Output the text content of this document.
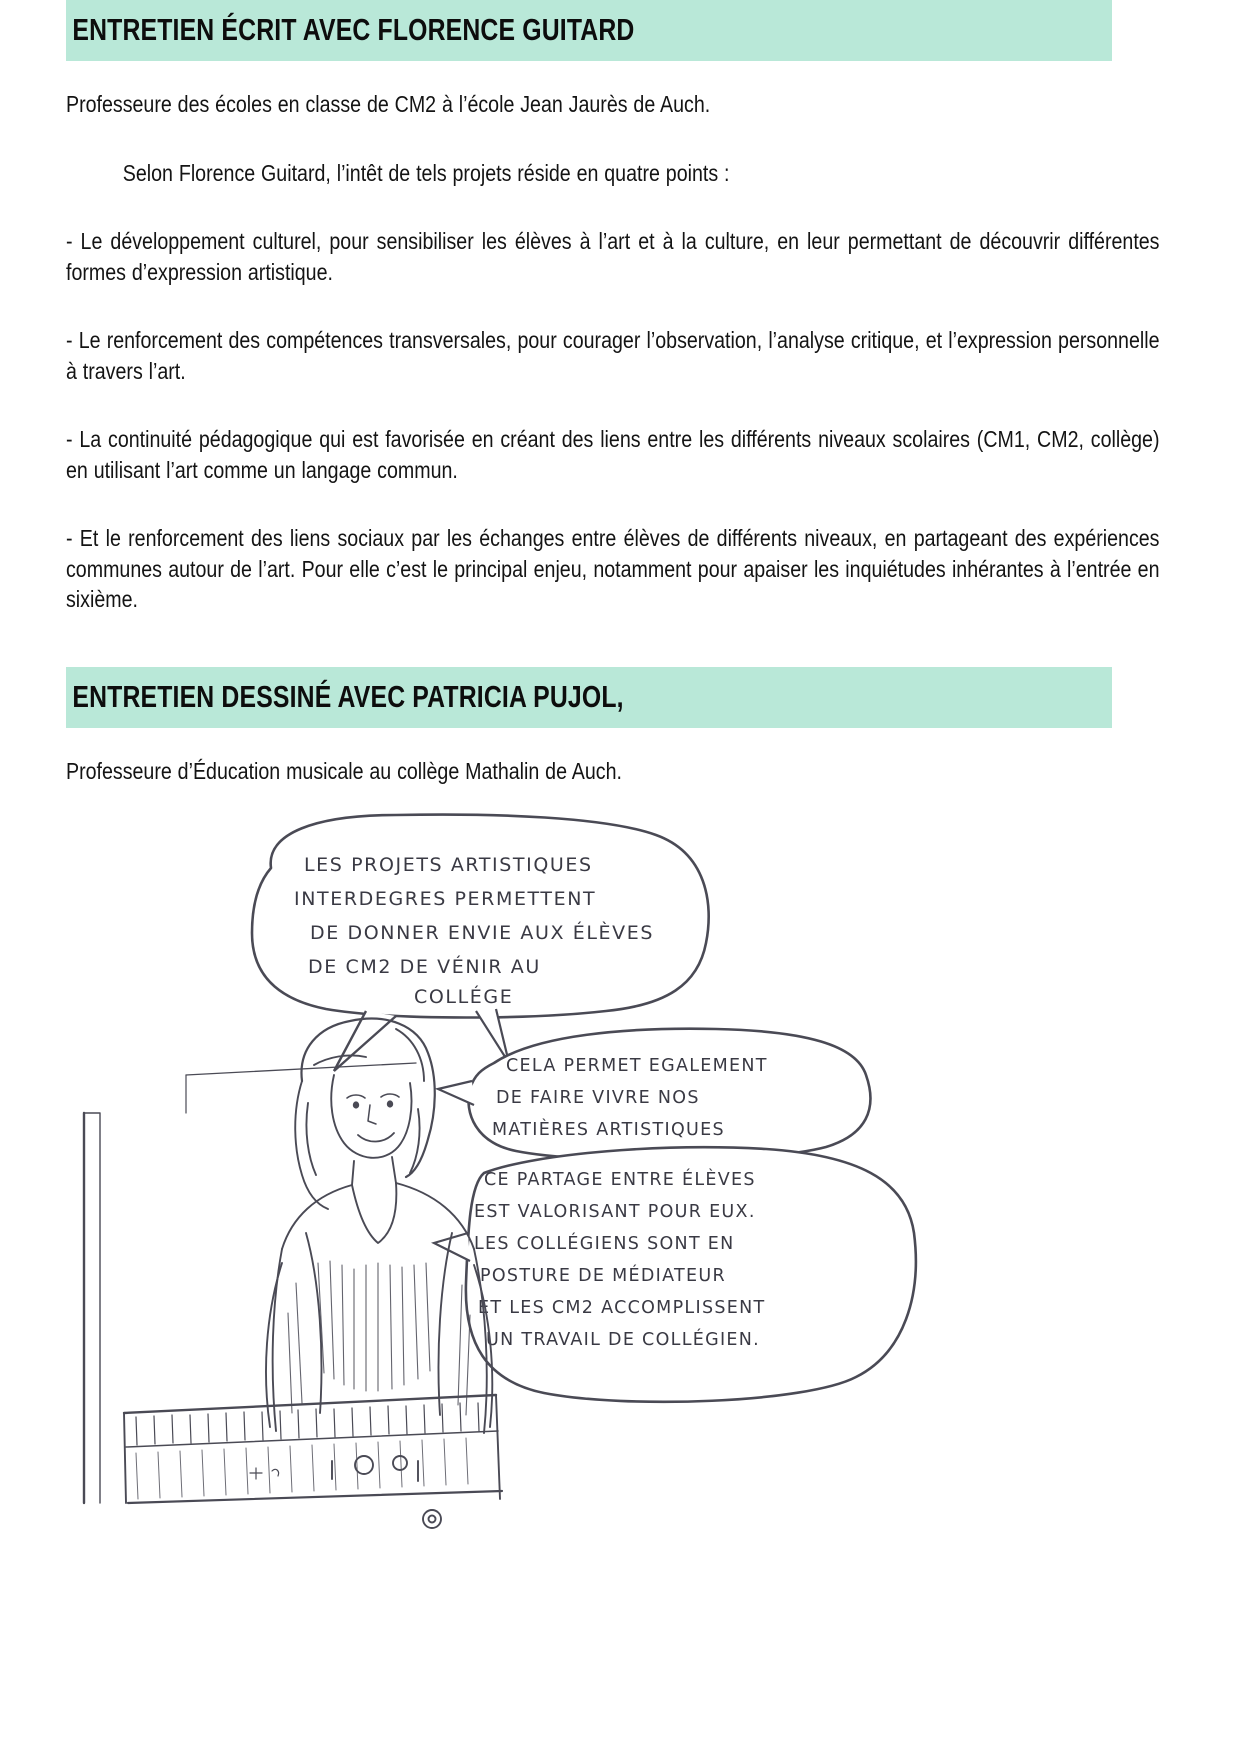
ENTRETIEN ÉCRIT AVEC FLORENCE GUITARD

Professeure des écoles en classe de CM2 à l’école Jean Jaurès de Auch.

Selon Florence Guitard, l’intêt de tels projets réside en quatre points :

- Le développement culturel, pour sensibiliser les élèves à l’art et à la culture, en leur permettant de découvrir différentes formes d’expression artistique.

- Le renforcement des compétences transversales, pour courager l’observation, l’analyse critique, et l’expression personnelle à travers l’art.

- La continuité pédagogique qui est favorisée en créant des liens entre les différents niveaux scolaires (CM1, CM2, collège) en utilisant l’art comme un langage commun.

- Et le renforcement des liens sociaux par les échanges entre élèves de différents niveaux, en partageant des expériences communes autour de l’art. Pour elle c’est le principal enjeu, notamment pour apaiser les inquiétudes inhérantes à l’entrée en sixième.

ENTRETIEN DESSINÉ AVEC PATRICIA PUJOL,

Professeure d’Éducation musicale au collège Mathalin de Auch.

LES PROJETS ARTISTIQUES
INTERDEGRES PERMETTENT
DE DONNER ENVIE AUX ÉLÈVES
DE CM2 DE VÉNIR AU
COLLÉGE
CELA PERMET EGALEMENT
DE FAIRE VIVRE NOS
MATIÈRES ARTISTIQUES
CE PARTAGE ENTRE ÉLÈVES
EST VALORISANT POUR EUX.
LES COLLÉGIENS SONT EN
POSTURE DE MÉDIATEUR
ET LES CM2 ACCOMPLISSENT
UN TRAVAIL DE COLLÉGIEN.
